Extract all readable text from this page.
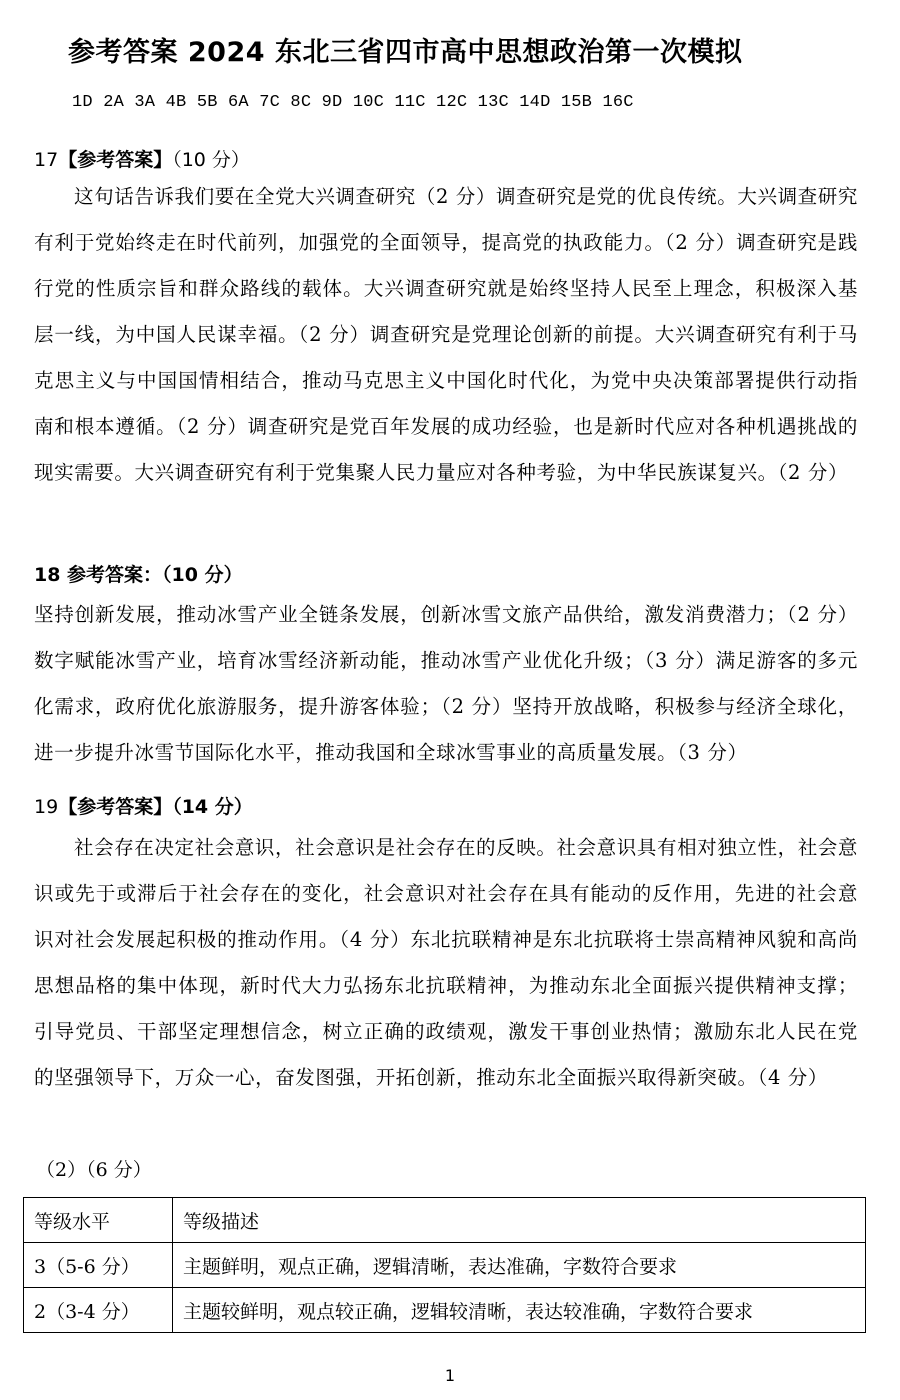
参考答案 2024 东北三省四市高中思想政治第一次模拟
1D 2A 3A 4B 5B 6A 7C 8C 9D 10C 11C 12C 13C 14D 15B 16C
17【参考答案】（10 分）

这句话告诉我们要在全党大兴调查研究（2 分）调查研究是党的优良传统。大兴调查研究有利于党始终走在时代前列，加强党的全面领导，提高党的执政能力。（2 分）调查研究是践行党的性质宗旨和群众路线的载体。大兴调查研究就是始终坚持人民至上理念，积极深入基层一线，为中国人民谋幸福。（2 分）调查研究是党理论创新的前提。大兴调查研究有利于马克思主义与中国国情相结合，推动马克思主义中国化时代化，为党中央决策部署提供行动指南和根本遵循。（2 分）调查研究是党百年发展的成功经验，也是新时代应对各种机遇挑战的现实需要。大兴调查研究有利于党集聚人民力量应对各种考验，为中华民族谋复兴。（2 分）

18 参考答案：（10 分）

坚持创新发展，推动冰雪产业全链条发展，创新冰雪文旅产品供给，激发消费潜力；（2 分）数字赋能冰雪产业，培育冰雪经济新动能，推动冰雪产业优化升级；（3 分）满足游客的多元化需求，政府优化旅游服务，提升游客体验；（2 分）坚持开放战略，积极参与经济全球化，进一步提升冰雪节国际化水平，推动我国和全球冰雪事业的高质量发展。（3 分）

19【参考答案】（14 分）

社会存在决定社会意识，社会意识是社会存在的反映。社会意识具有相对独立性，社会意识或先于或滞后于社会存在的变化，社会意识对社会存在具有能动的反作用，先进的社会意识对社会发展起积极的推动作用。（4 分）东北抗联精神是东北抗联将士崇高精神风貌和高尚思想品格的集中体现，新时代大力弘扬东北抗联精神，为推动东北全面振兴提供精神支撑；引导党员、干部坚定理想信念，树立正确的政绩观，激发干事创业热情；激励东北人民在党的坚强领导下，万众一心，奋发图强，开拓创新，推动东北全面振兴取得新突破。（4 分）

（2）（6 分）
等级水平	等级描述
3（5-6 分）	主题鲜明，观点正确，逻辑清晰，表达准确，字数符合要求
2（3-4 分）	主题较鲜明，观点较正确，逻辑较清晰，表达较准确，字数符合要求
1
